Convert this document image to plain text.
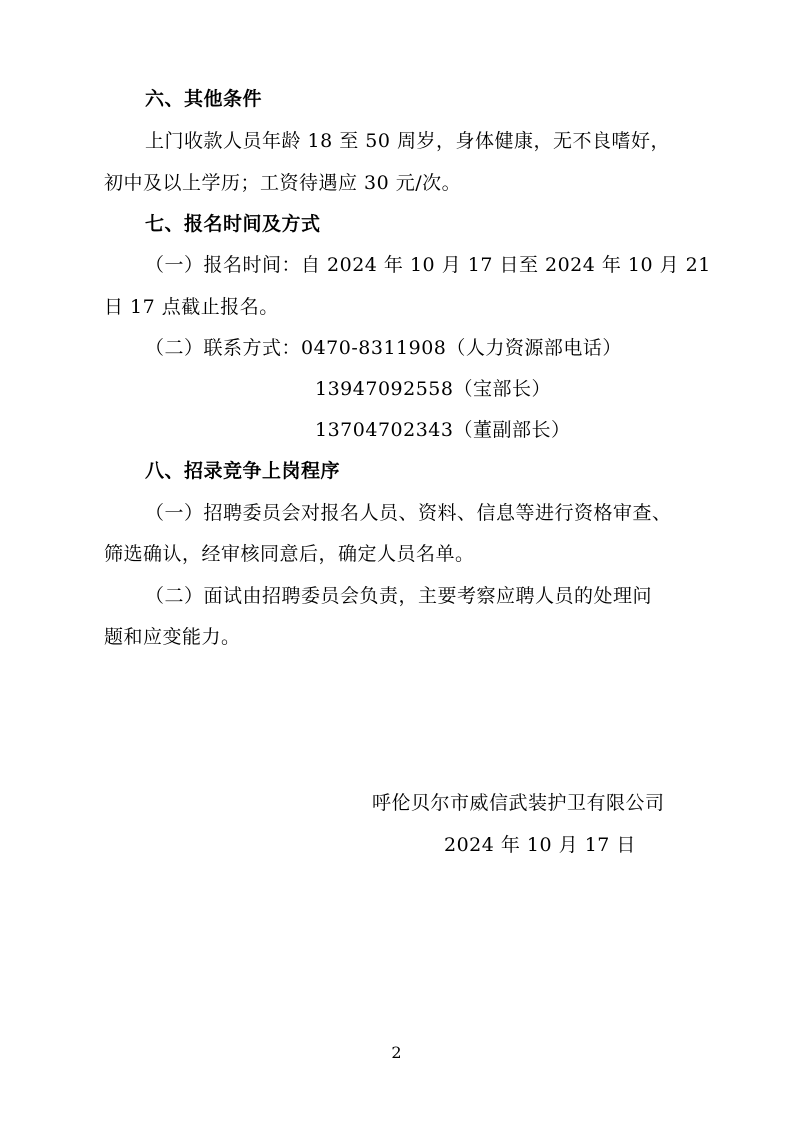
六、其他条件
上门收款人员年龄 18 至 50 周岁，身体健康，无不良嗜好，
初中及以上学历；工资待遇应 30 元/次。
七、报名时间及方式
（一）报名时间：自 2024 年 10 月 17 日至 2024 年 10 月 21
日 17 点截止报名。
（二）联系方式：0470-8311908（人力资源部电话）
13947092558（宝部长）
13704702343（董副部长）
八、招录竞争上岗程序
（一）招聘委员会对报名人员、资料、信息等进行资格审查、
筛选确认，经审核同意后，确定人员名单。
（二）面试由招聘委员会负责，主要考察应聘人员的处理问
题和应变能力。
呼伦贝尔市威信武装护卫有限公司
2024 年 10 月 17 日
2
